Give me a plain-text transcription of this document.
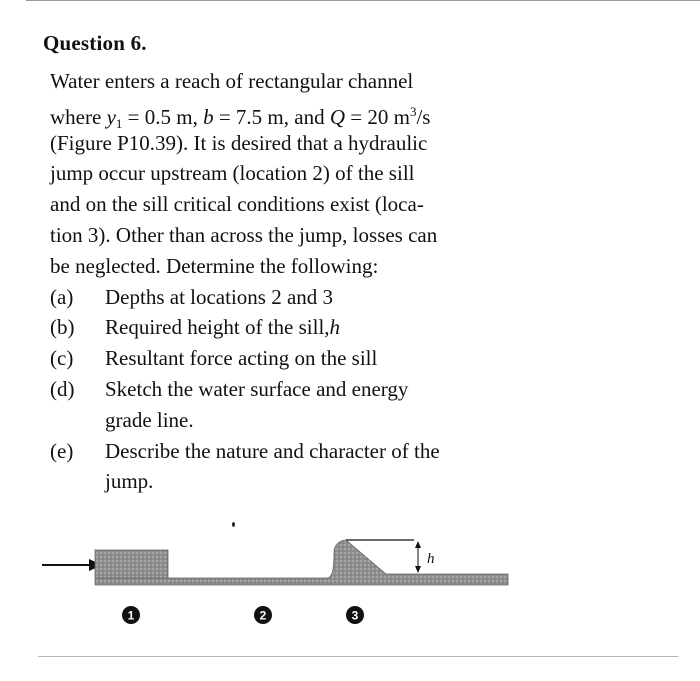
Question 6.
Water enters a reach of rectangular channel
where $y_1 = 0.5$ m, b = 7.5 m, and Q = 20 $m^3/s$
(Figure P10.39). It is desired that a hydraulic
jump occur upstream (location 2) of the sill
and on the sill critical conditions exist (loca-
tion 3). Other than across the jump, losses can
be neglected. Determine the following:
(a)	Depths at locations 2 and 3
(b)	Required height of the sill, h
(c)	Resultant force acting on the sill
(d)	Sketch the water surface and energy
grade line.
(e)	Describe the nature and character of the
jump.
h
1	2	3
